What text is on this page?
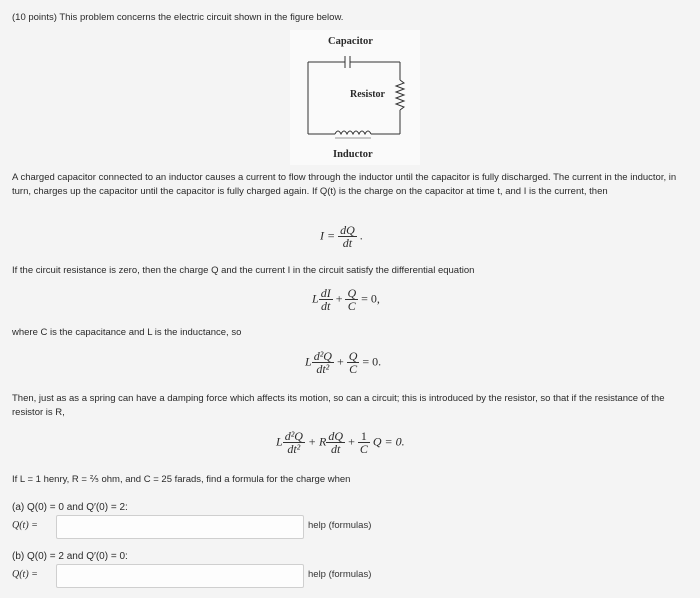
(10 points) This problem concerns the electric circuit shown in the figure below.
Capacitor
Resistor
Inductor
A charged capacitor connected to an inductor causes a current to flow through the inductor until the capacitor is fully discharged. The current in the inductor, in turn, charges up the capacitor until the capacitor is fully charged again. If Q(t) is the charge on the capacitor at time t, and I is the current, then
$I = \frac{dQ}{dt}$ .
If the circuit resistance is zero, then the charge Q and the current I in the circuit satisfy the differential equation
L $\frac{dI}{dt} + \frac{Q}{C} = 0$,
where C is the capacitance and L is the inductance, so
L $\frac{\text{d²Q}}{\text{dt²}} + \frac{Q}{C} = 0$.
Then, just as as a spring can have a damping force which affects its motion, so can a circuit; this is introduced by the resistor, so that if the resistance of the resistor is R,
L $\frac{\text{d²Q}}{\text{dt²}} + R \frac{dQ}{dt} + \frac{1}{C}$ Q = 0.
If L = 1 henry, R = ⅖ ohm, and C = 25 farads, find a formula for the charge when
(a) Q(0) = 0 and Q′(0) = 2:
Q(t) =	help (formulas)
(b) Q(0) = 2 and Q′(0) = 0:
Q(t) =	help (formulas)
